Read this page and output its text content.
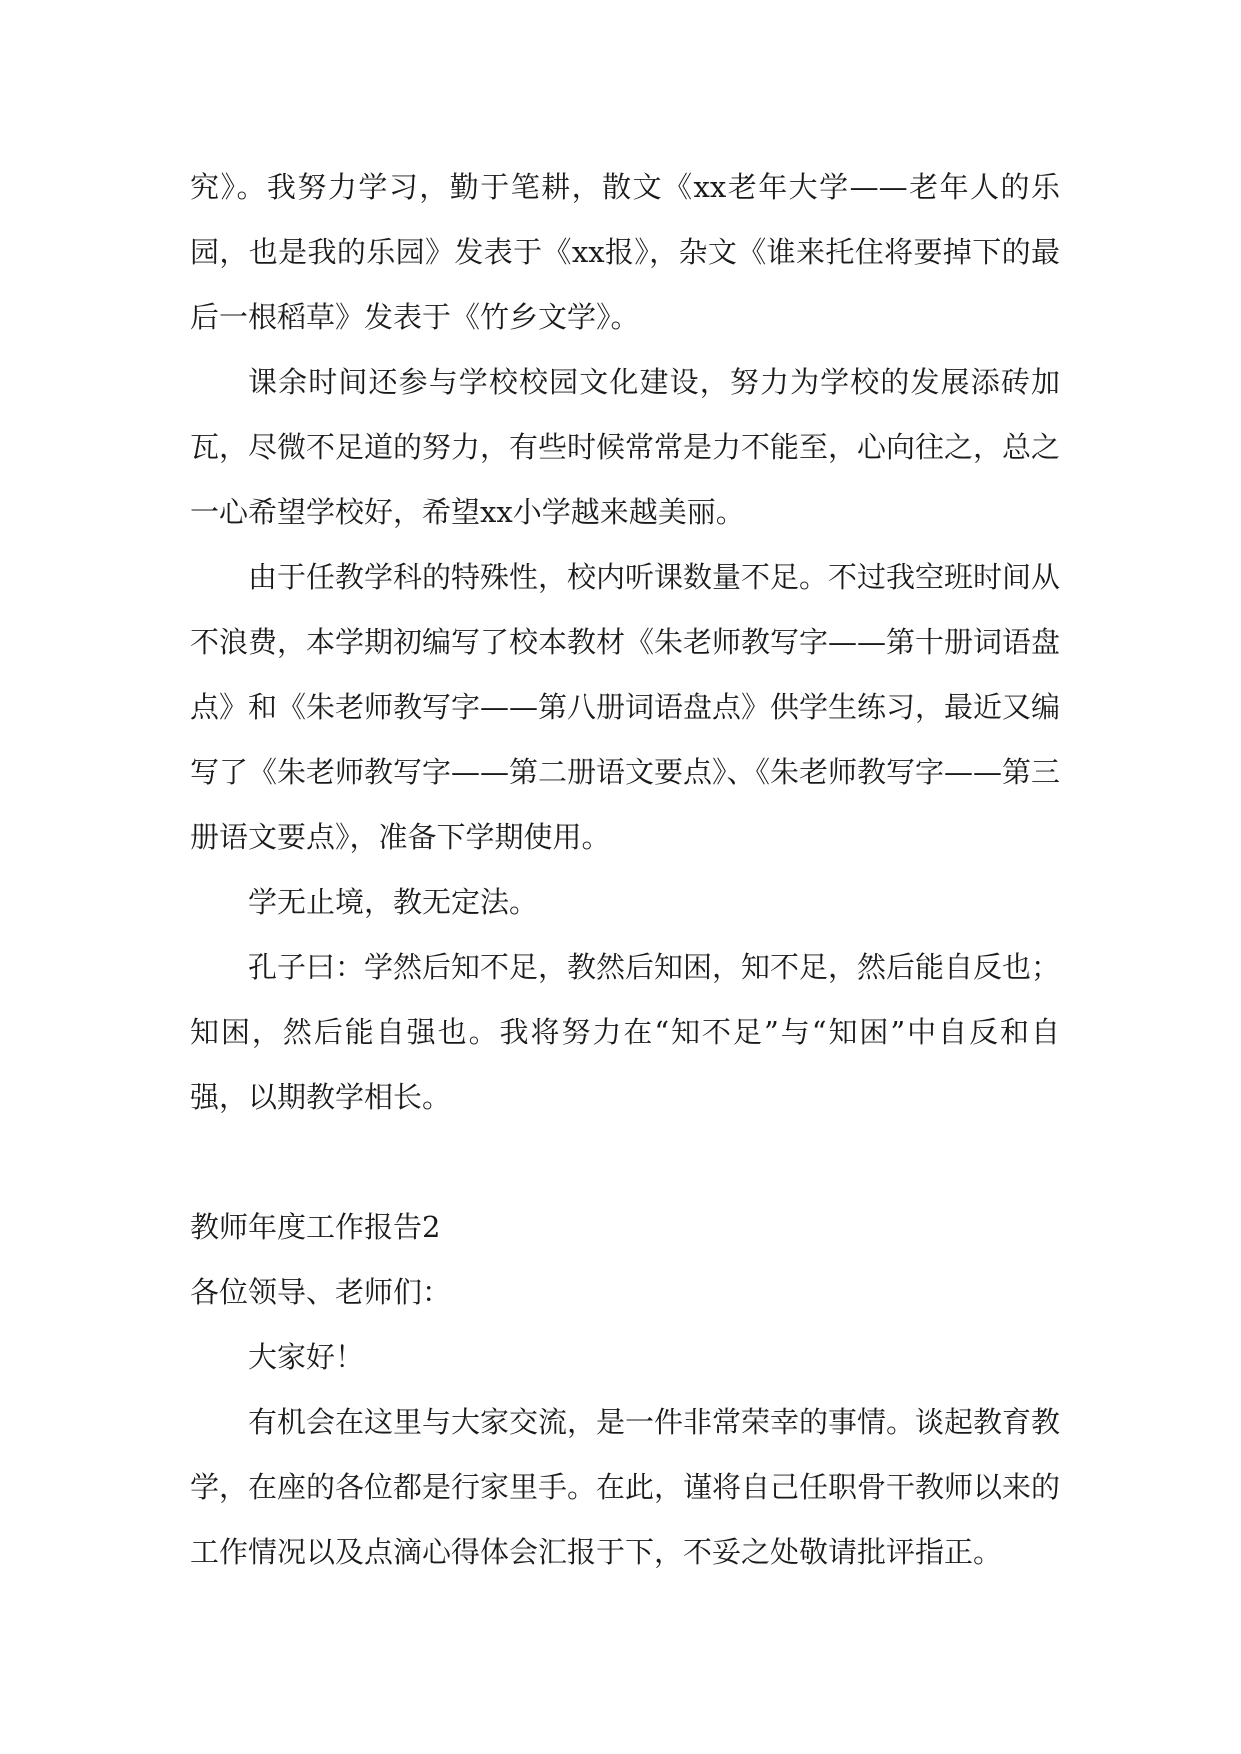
究》。我努力学习，勤于笔耕，散文《xx老年大学——老年人的乐园，也是我的乐园》发表于《xx报》，杂文《谁来托住将要掉下的最后一根稻草》发表于《竹乡文学》。

课余时间还参与学校校园文化建设，努力为学校的发展添砖加瓦，尽微不足道的努力，有些时候常常是力不能至，心向往之，总之一心希望学校好，希望xx小学越来越美丽。

由于任教学科的特殊性，校内听课数量不足。不过我空班时间从不浪费，本学期初编写了校本教材《朱老师教写字——第十册词语盘点》和《朱老师教写字——第八册词语盘点》供学生练习，最近又编写了《朱老师教写字——第二册语文要点》、《朱老师教写字——第三册语文要点》，准备下学期使用。

学无止境，教无定法。

孔子曰：学然后知不足，教然后知困，知不足，然后能自反也；知困，然后能自强也。我将努力在“知不足”与“知困”中自反和自强，以期教学相长。

教师年度工作报告2

各位领导、老师们：

大家好！

有机会在这里与大家交流，是一件非常荣幸的事情。谈起教育教学，在座的各位都是行家里手。在此，谨将自己任职骨干教师以来的工作情况以及点滴心得体会汇报于下，不妥之处敬请批评指正。
